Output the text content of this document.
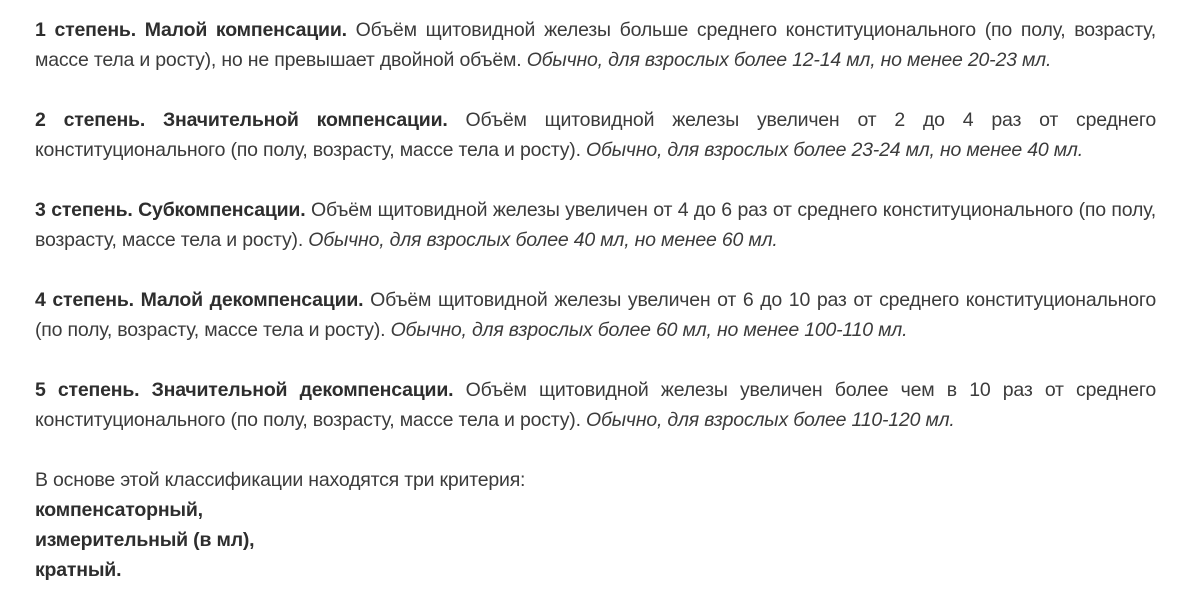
1 степень. Малой компенсации. Объём щитовидной железы больше среднего конституционального (по полу, возрасту, массе тела и росту), но не превышает двойной объём. Обычно, для взрослых более 12-14 мл, но менее 20-23 мл.

2 степень. Значительной компенсации. Объём щитовидной железы увеличен от 2 до 4 раз от среднего конституционального (по полу, возрасту, массе тела и росту). Обычно, для взрослых более 23-24 мл, но менее 40 мл.

3 степень. Субкомпенсации. Объём щитовидной железы увеличен от 4 до 6 раз от среднего конституционального (по полу, возрасту, массе тела и росту). Обычно, для взрослых более 40 мл, но менее 60 мл.

4 степень. Малой декомпенсации. Объём щитовидной железы увеличен от 6 до 10 раз от среднего конституционального (по полу, возрасту, массе тела и росту). Обычно, для взрослых более 60 мл, но менее 100-110 мл.

5 степень. Значительной декомпенсации. Объём щитовидной железы увеличен более чем в 10 раз от среднего конституционального (по полу, возрасту, массе тела и росту). Обычно, для взрослых более 110-120 мл.

В основе этой классификации находятся три критерия:

компенсаторный,
измерительный (в мл),
кратный.
